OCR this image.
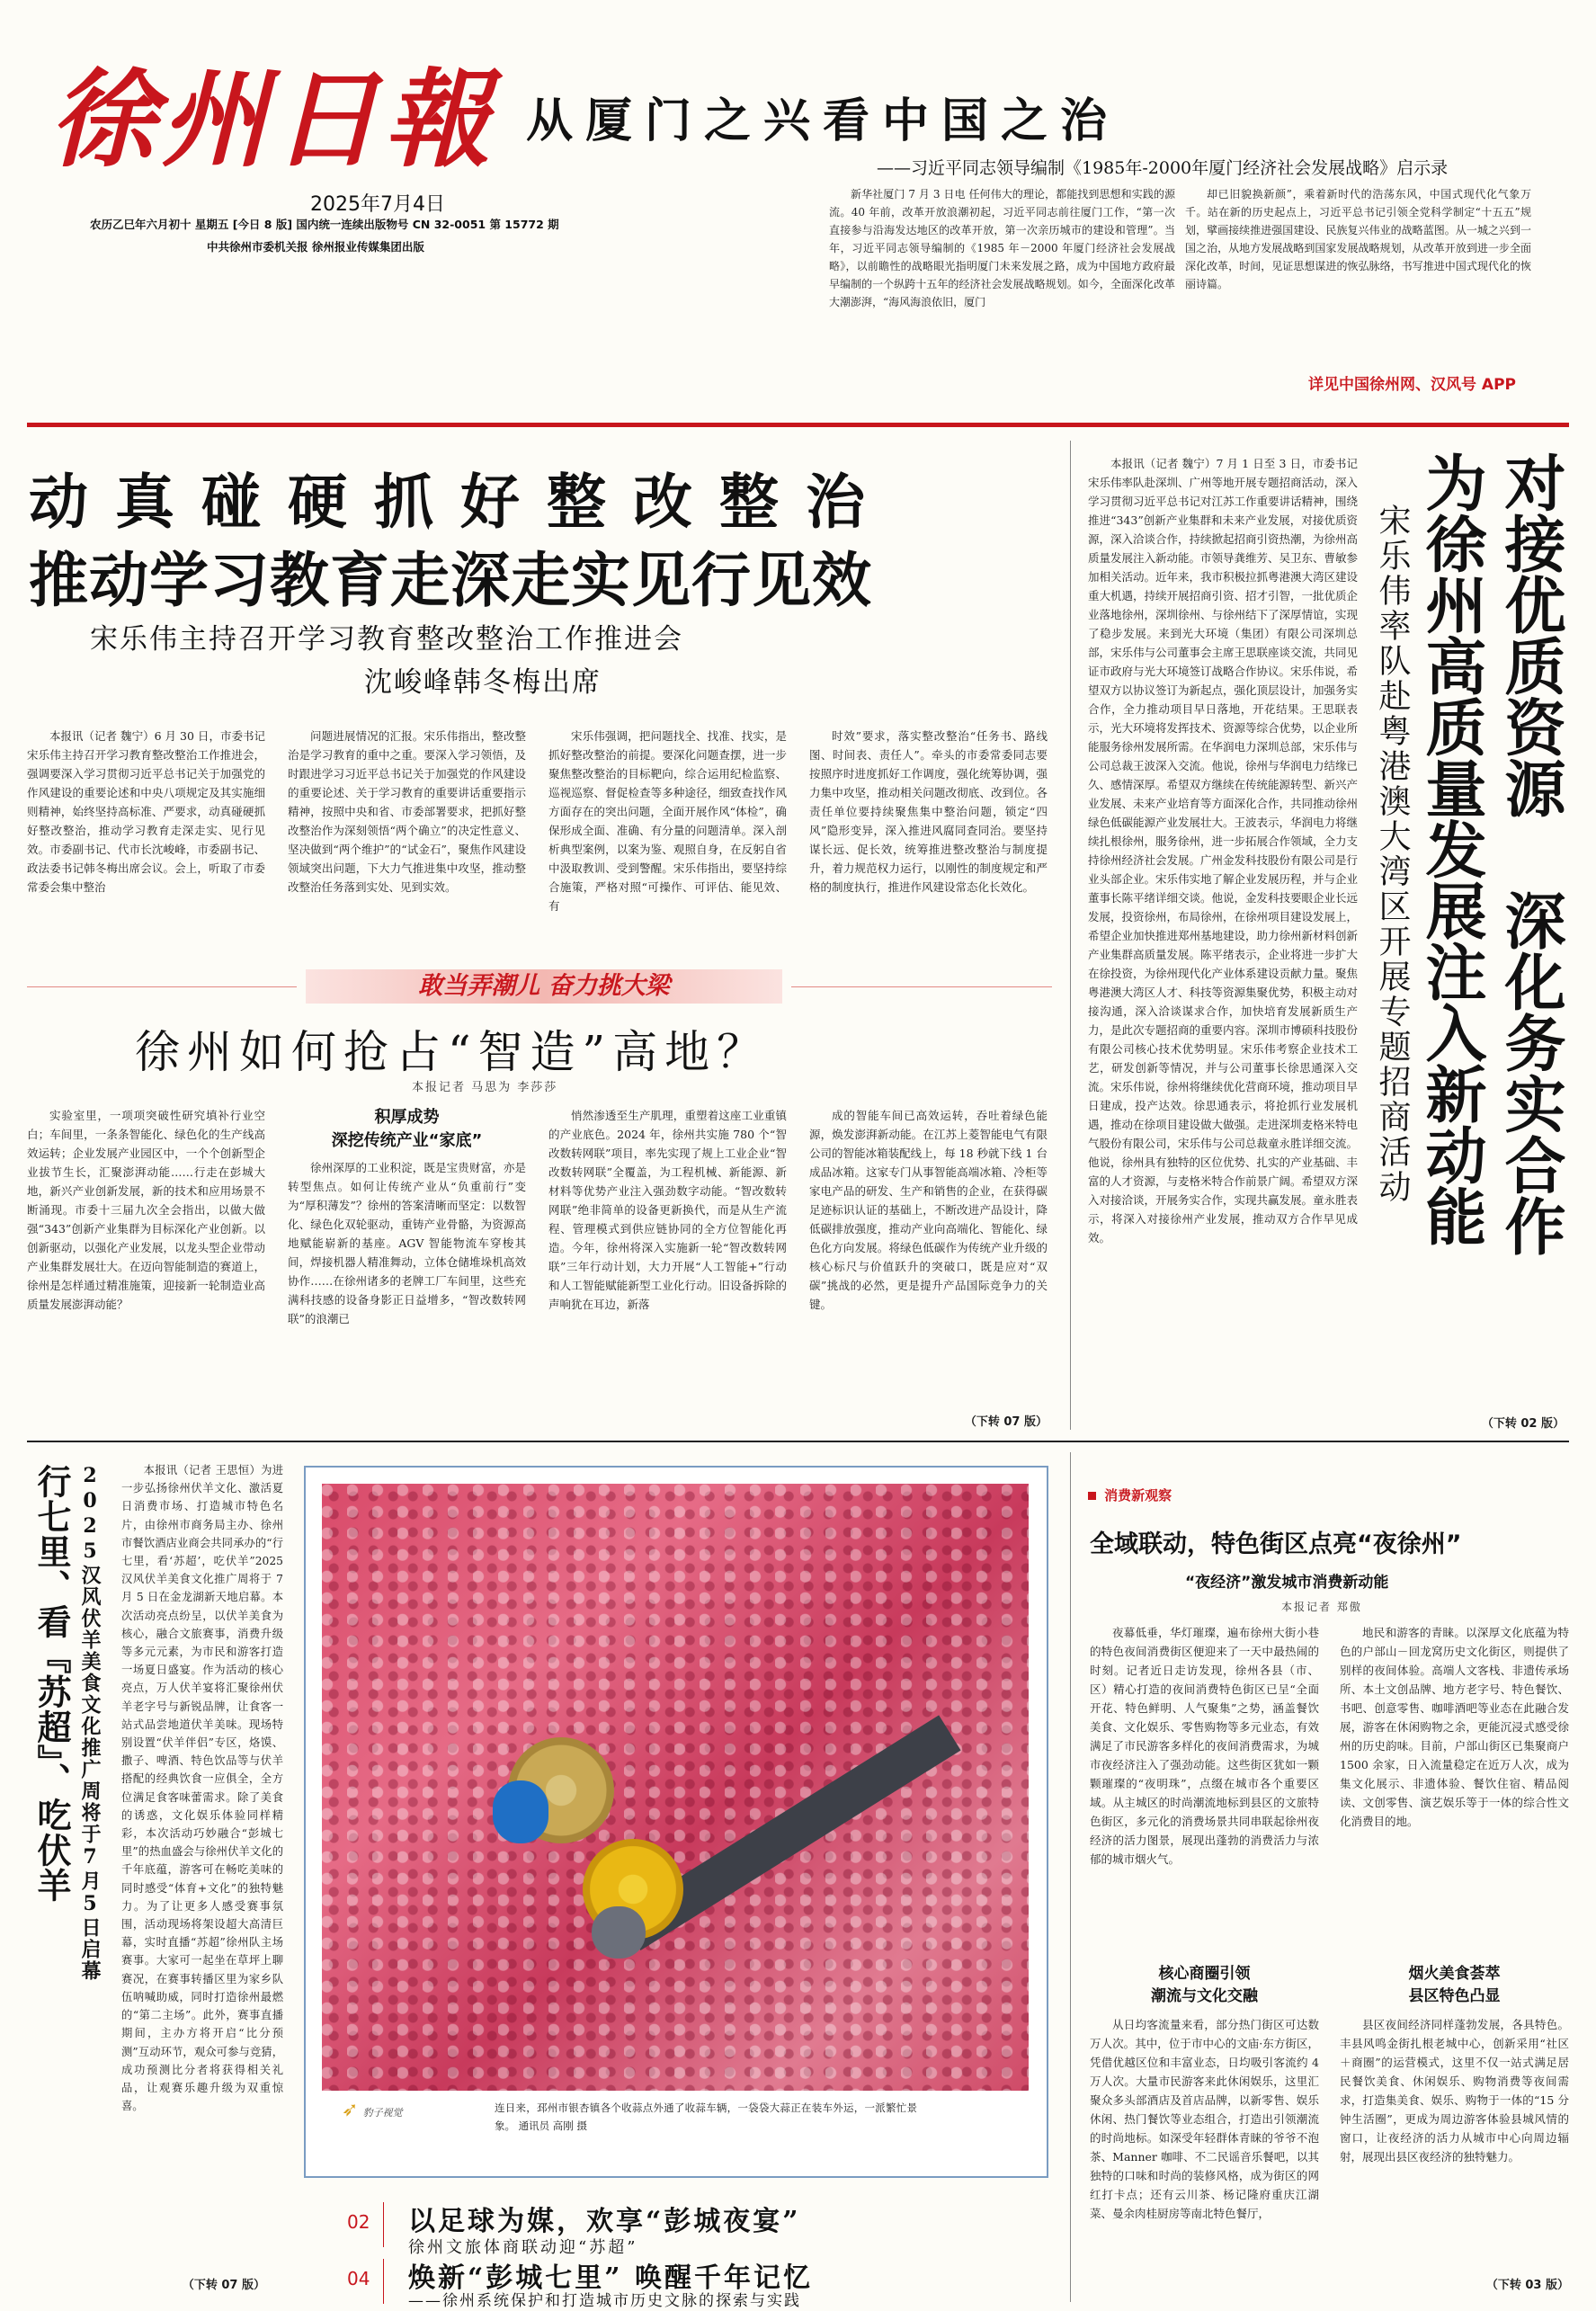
徐州日報
2025年7月4日
农历乙巳年六月初十 星期五 [今日 8 版] 国内统一连续出版物号 CN 32-0051 第 15772 期
中共徐州市委机关报 徐州报业传媒集团出版
从厦门之兴看中国之治
——习近平同志领导编制《1985年-2000年厦门经济社会发展战略》启示录

新华社厦门 7 月 3 日电 任何伟大的理论，都能找到思想和实践的源流。40 年前，改革开放浪潮初起，习近平同志前往厦门工作，“第一次直接参与沿海发达地区的改革开放，第一次亲历城市的建设和管理”。当年，习近平同志领导编制的《1985 年－2000 年厦门经济社会发展战略》，以前瞻性的战略眼光指明厦门未来发展之路，成为中国地方政府最早编制的一个纵跨十五年的经济社会发展战略规划。如今，全面深化改革大潮澎湃，“海风海浪依旧，厦门

却已旧貌换新颜”，乘着新时代的浩荡东风，中国式现代化气象万千。站在新的历史起点上，习近平总书记引领全党科学制定“十五五”规划，擘画接续推进强国建设、民族复兴伟业的战略蓝图。从一城之兴到一国之治，从地方发展战略到国家发展战略规划，从改革开放到进一步全面深化改革，时间，见证思想谋进的恢弘脉络，书写推进中国式现代化的恢丽诗篇。

详见中国徐州网、汉风号 APP
动真碰硬抓好整改整治
推动学习教育走深走实见行见效
宋乐伟主持召开学习教育整改整治工作推进会
沈峻峰韩冬梅出席

本报讯（记者 魏宁）6 月 30 日，市委书记宋乐伟主持召开学习教育整改整治工作推进会，强调要深入学习贯彻习近平总书记关于加强党的作风建设的重要论述和中央八项规定及其实施细则精神，始终坚持高标准、严要求，动真碰硬抓好整改整治，推动学习教育走深走实、见行见效。市委副书记、代市长沈峻峰，市委副书记、政法委书记韩冬梅出席会议。会上，听取了市委常委会集中整治

问题进展情况的汇报。宋乐伟指出，整改整治是学习教育的重中之重。要深入学习领悟，及时跟进学习习近平总书记关于加强党的作风建设的重要论述、关于学习教育的重要讲话重要指示精神，按照中央和省、市委部署要求，把抓好整改整治作为深刻领悟“两个确立”的决定性意义、坚决做到“两个维护”的“试金石”，聚焦作风建设领域突出问题，下大力气推进集中攻坚，推动整改整治任务落到实处、见到实效。

宋乐伟强调，把问题找全、找准、找实，是抓好整改整治的前提。要深化问题查摆，进一步聚焦整改整治的目标靶向，综合运用纪检监察、巡视巡察、督促检查等多种途径，细致查找作风方面存在的突出问题，全面开展作风“体检”，确保形成全面、准确、有分量的问题清单。深入剖析典型案例，以案为鉴、观照自身，在反躬自省中汲取教训、受到警醒。宋乐伟指出，要坚持综合施策，严格对照“可操作、可评估、能见效、有

时效”要求，落实整改整治“任务书、路线图、时间表、责任人”。牵头的市委常委同志要按照序时进度抓好工作调度，强化统筹协调，强力集中攻坚，推动相关问题改彻底、改到位。各责任单位要持续聚焦集中整治问题，锁定“四风”隐形变异，深入推进风腐同查同治。要坚持谋长远、促长效，统筹推进整改整治与制度提升，着力规范权力运行，以刚性的制度规定和严格的制度执行，推进作风建设常态化长效化。

敢当弄潮儿 奋力挑大梁
徐州如何抢占“智造”高地？
本报记者 马思为 李莎莎

实验室里，一项项突破性研究填补行业空白；车间里，一条条智能化、绿色化的生产线高效运转；企业发展产业园区中，一个个创新型企业拔节生长，汇聚澎湃动能……行走在彭城大地，新兴产业创新发展，新的技术和应用场景不断涌现。市委十三届九次全会指出，以做大做强“343”创新产业集群为目标深化产业创新。以创新驱动，以强化产业发展，以龙头型企业带动产业集群发展壮大。在迈向智能制造的赛道上，徐州是怎样通过精准施策，迎接新一轮制造业高质量发展澎湃动能？

积厚成势
深挖传统产业“家底”

徐州深厚的工业积淀，既是宝贵财富，亦是转型焦点。如何让传统产业从“负重前行”变为“厚积薄发”？徐州的答案清晰而坚定：以数智化、绿色化双轮驱动，重铸产业骨骼，为资源高地赋能崭新的基座。AGV 智能物流车穿梭其间，焊接机器人精准舞动，立体仓储堆垛机高效协作……在徐州诸多的老牌工厂车间里，这些充满科技感的设备身影正日益增多，“智改数转网联”的浪潮已

悄然渗透至生产肌理，重塑着这座工业重镇的产业底色。2024 年，徐州共实施 780 个“智改数转网联”项目，率先实现了规上工业企业“智改数转网联”全覆盖，为工程机械、新能源、新材料等优势产业注入强劲数字动能。“智改数转网联”绝非简单的设备更新换代，而是从生产流程、管理模式到供应链协同的全方位智能化再造。今年，徐州将深入实施新一轮“智改数转网联”三年行动计划，大力开展“人工智能+”行动和人工智能赋能新型工业化行动。旧设备拆除的声响犹在耳边，新落

成的智能车间已高效运转，吞吐着绿色能源，焕发澎湃新动能。在江苏上菱智能电气有限公司的智能冰箱装配线上，每 18 秒就下线 1 台成品冰箱。这家专门从事智能高端冰箱、冷柜等家电产品的研发、生产和销售的企业，在获得碳足迹标识认证的基础上，不断改进产品设计，降低碳排放强度，推动产业向高端化、智能化、绿色化方向发展。将绿色低碳作为传统产业升级的核心标尺与价值跃升的突破口，既是应对“双碳”挑战的必然，更是提升产品国际竞争力的关键。

（下转 07 版）
对接优质资源 深化务实合作
为徐州高质量发展注入新动能
宋乐伟率队赴粤港澳大湾区开展专题招商活动

本报讯（记者 魏宁）7 月 1 日至 3 日，市委书记宋乐伟率队赴深圳、广州等地开展专题招商活动，深入学习贯彻习近平总书记对江苏工作重要讲话精神，围绕推进“343”创新产业集群和未来产业发展，对接优质资源，深入洽谈合作，持续掀起招商引资热潮，为徐州高质量发展注入新动能。市领导龚维芳、吴卫东、曹敏参加相关活动。近年来，我市积极拉抓粤港澳大湾区建设重大机遇，持续开展招商引资、招才引智，一批优质企业落地徐州，深圳徐州、与徐州结下了深厚情谊，实现了稳步发展。来到光大环境（集团）有限公司深圳总部，宋乐伟与公司董事会主席王思联座谈交流，共同见证市政府与光大环境签订战略合作协议。宋乐伟说，希望双方以协议签订为新起点，强化顶层设计，加强务实合作，全力推动项目早日落地，开花结果。王思联表示，光大环境将发挥技术、资源等综合优势，以企业所能服务徐州发展所需。在华润电力深圳总部，宋乐伟与公司总裁王波深入交流。他说，徐州与华润电力结缘已久、感情深厚。希望双方继续在传统能源转型、新兴产业发展、未来产业培育等方面深化合作，共同推动徐州绿色低碳能源产业发展壮大。王波表示，华润电力将继续扎根徐州，服务徐州，进一步拓展合作领域，全力支持徐州经济社会发展。广州金发科技股份有限公司是行业头部企业。宋乐伟实地了解企业发展历程，并与企业董事长陈平绪详细交谈。他说，金发科技要眼企业长远发展，投资徐州，布局徐州，在徐州项目建设发展上，希望企业加快推进郑州基地建设，助力徐州新材料创新产业集群高质量发展。陈平绪表示，企业将进一步扩大在徐投资，为徐州现代化产业体系建设贡献力量。聚焦粤港澳大湾区人才、科技等资源集聚优势，积极主动对接沟通，深入洽谈谋求合作，加快培育发展新质生产力，是此次专题招商的重要内容。深圳市博硕科技股份有限公司核心技术优势明显。宋乐伟考察企业技术工艺，研发创新等情况，并与公司董事长徐思通深入交流。宋乐伟说，徐州将继续优化营商环境，推动项目早日建成，投产达效。徐思通表示，将抢抓行业发展机遇，推动在徐项目建设做大做强。走进深圳麦格米特电气股份有限公司，宋乐伟与公司总裁童永胜详细交流。他说，徐州具有独特的区位优势、扎实的产业基础、丰富的人才资源，与麦格米特合作前景广阔。希望双方深入对接洽谈，开展务实合作，实现共赢发展。童永胜表示，将深入对接徐州产业发展，推动双方合作早见成效。

（下转 02 版）
行七里、看『苏超』、吃伏羊 2025汉风伏羊美食文化推广周将于7月5日启幕	本报讯（记者 王思恒）为进一步弘扬徐州伏羊文化、激活夏日消费市场、打造城市特色名片，由徐州市商务局主办、徐州市餐饮酒店业商会共同承办的“行七里，看‘苏超’，吃伏羊”2025 汉风伏羊美食文化推广周将于 7 月 5 日在金龙湖新天地启幕。本次活动亮点纷呈，以伏羊美食为核心，融合文旅赛事，消费升级等多元元素，为市民和游客打造一场夏日盛宴。作为活动的核心亮点，万人伏羊宴将汇聚徐州伏羊老字号与新锐品牌，让食客一站式品尝地道伏羊美味。现场特别设置“伏羊伴侣”专区，烙馍、撒子、啤酒、特色饮品等与伏羊搭配的经典饮食一应俱全，全方位满足食客味蕾需求。除了美食的诱惑，文化娱乐体验同样精彩，本次活动巧妙融合“彭城七里”的热血盛会与徐州伏羊文化的千年底蕴，游客可在畅吃美味的同时感受“体育+文化”的独特魅力。为了让更多人感受赛事氛围，活动现场将架设超大高清巨幕，实时直播“苏超”徐州队主场赛事。大家可一起坐在草坪上聊赛况，在赛事转播区里为家乡队伍呐喊助威，同时打造徐州最燃的“第二主场”。此外，赛事直播期间，主办方将开启“比分预测”互动环节，观众可参与竞猜，成功预测比分者将获得相关礼品，让观赛乐趣升级为双重惊喜。

（下转 07 版）
➶ 豹子视觉	连日来，邳州市银杏镇各个收蒜点外通了收蒜车辆，一袋袋大蒜正在装车外运，一派繁忙景象。 通讯员 高刚 摄
02 以足球为媒，欢享“彭城夜宴”
徐州文旅体商联动迎“苏超”
04 焕新“彭城七里” 唤醒千年记忆
——徐州系统保护和打造城市历史文脉的探索与实践
消费新观察
全域联动，特色街区点亮“夜徐州”
“夜经济”激发城市消费新动能
本报记者 郑傲

夜幕低垂，华灯璀璨，遍布徐州大街小巷的特色夜间消费街区便迎来了一天中最热闹的时刻。记者近日走访发现，徐州各县（市、区）精心打造的夜间消费特色街区已呈“全面开花、特色鲜明、人气聚集”之势，涵盖餐饮美食、文化娱乐、零售购物等多元业态，有效满足了市民游客多样化的夜间消费需求，为城市夜经济注入了强劲动能。这些街区犹如一颗颗璀璨的“夜明珠”，点缀在城市各个重要区域。从主城区的时尚潮流地标到县区的文旅特色街区，多元化的消费场景共同串联起徐州夜经济的活力图景，展现出蓬勃的消费活力与浓郁的城市烟火气。

核心商圈引领
潮流与文化交融

从日均客流量来看，部分热门街区可达数万人次。其中，位于市中心的文庙·东方街区，凭借优越区位和丰富业态，日均吸引客流约 4 万人次。大量市民游客来此休闲娱乐，这里汇聚众多头部酒店及首店品牌，以新零售、娱乐休闲、热门餐饮等业态组合，打造出引领潮流的时尚地标。如深受年轻群体青睐的爷爷不泡茶、Manner 咖啡、不二民谣音乐餐吧，以其独特的口味和时尚的装修风格，成为街区的网红打卡点；还有云川茶、杨记隆府重庆江湖菜、曼余肉桂厨房等南北特色餐厅，

地民和游客的青睐。以深厚文化底蕴为特色的户部山－回龙窝历史文化街区，则提供了别样的夜间体验。高端人文客栈、非遗传承场所、本土文创品牌、地方老字号、特色餐饮、书吧、创意零售、咖啡酒吧等业态在此融合发展，游客在休闲购物之余，更能沉浸式感受徐州的历史韵味。目前，户部山街区已集聚商户 1500 余家，日入流量稳定在近万人次，成为集文化展示、非遗体验、餐饮住宿、精品阅读、文创零售、演艺娱乐等于一体的综合性文化消费目的地。

烟火美食荟萃
县区特色凸显

县区夜间经济同样蓬勃发展，各具特色。丰县风鸣金街扎根老城中心，创新采用“社区＋商圈”的运营模式，这里不仅一站式满足居民餐饮美食、休闲娱乐、购物消费等夜间需求，打造集美食、娱乐、购物于一体的“15 分钟生活圈”，更成为周边游客体验县城风情的窗口，让夜经济的活力从城市中心向周边辐射，展现出县区夜经济的独特魅力。

（下转 03 版）
